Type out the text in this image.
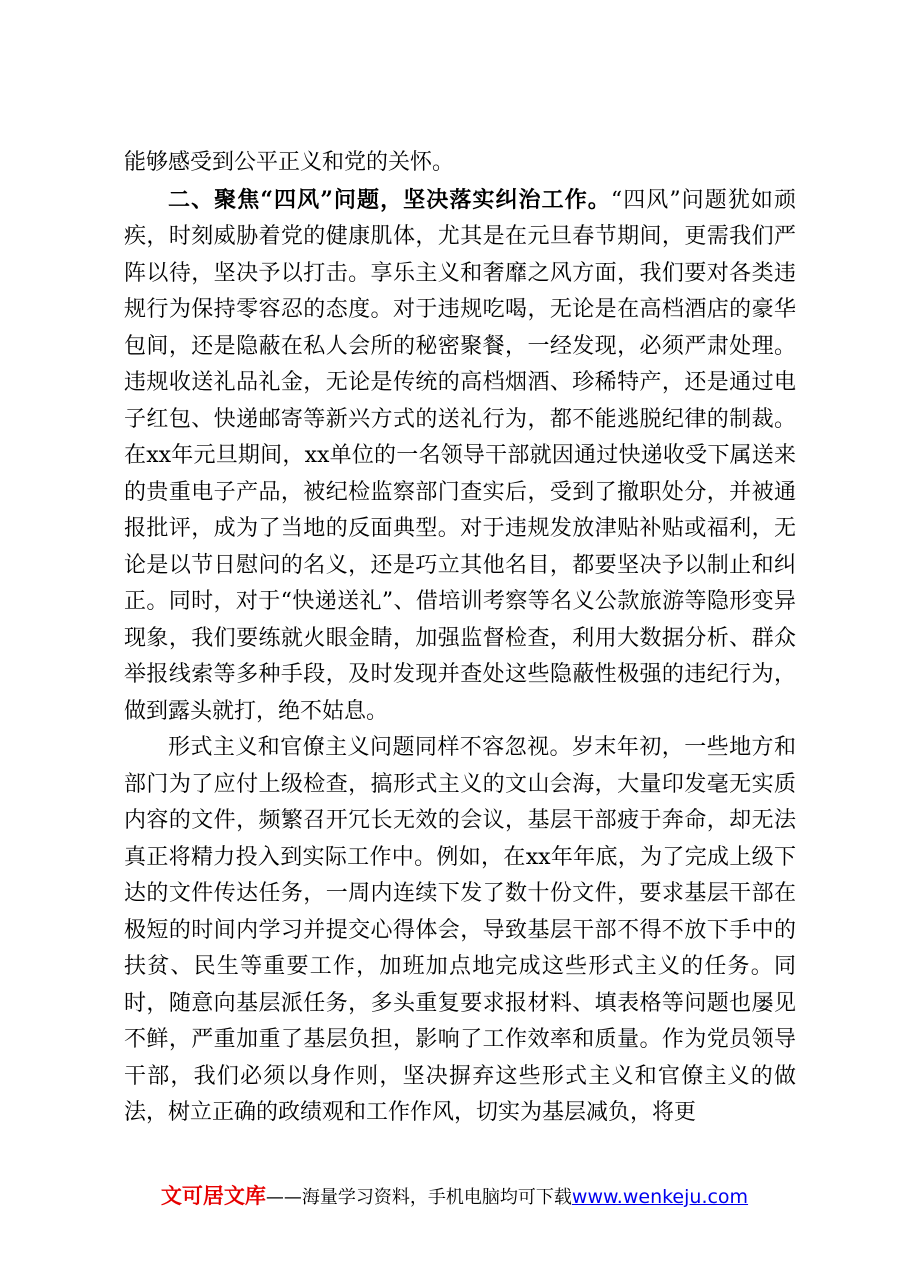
能够感受到公平正义和党的关怀。

二、聚焦“四风”问题，坚决落实纠治工作。“四风”问题犹如顽疾，时刻威胁着党的健康肌体，尤其是在元旦春节期间，更需我们严阵以待，坚决予以打击。享乐主义和奢靡之风方面，我们要对各类违规行为保持零容忍的态度。对于违规吃喝，无论是在高档酒店的豪华包间，还是隐蔽在私人会所的秘密聚餐，一经发现，必须严肃处理。违规收送礼品礼金，无论是传统的高档烟酒、珍稀特产，还是通过电子红包、快递邮寄等新兴方式的送礼行为，都不能逃脱纪律的制裁。在xx年元旦期间，xx单位的一名领导干部就因通过快递收受下属送来的贵重电子产品，被纪检监察部门查实后，受到了撤职处分，并被通报批评，成为了当地的反面典型。对于违规发放津贴补贴或福利，无论是以节日慰问的名义，还是巧立其他名目，都要坚决予以制止和纠正。同时，对于“快递送礼”、借培训考察等名义公款旅游等隐形变异现象，我们要练就火眼金睛，加强监督检查，利用大数据分析、群众举报线索等多种手段，及时发现并查处这些隐蔽性极强的违纪行为，做到露头就打，绝不姑息。

形式主义和官僚主义问题同样不容忽视。岁末年初，一些地方和部门为了应付上级检查，搞形式主义的文山会海，大量印发毫无实质内容的文件，频繁召开冗长无效的会议，基层干部疲于奔命，却无法真正将精力投入到实际工作中。例如，在xx年年底，为了完成上级下达的文件传达任务，一周内连续下发了数十份文件，要求基层干部在极短的时间内学习并提交心得体会，导致基层干部不得不放下手中的扶贫、民生等重要工作，加班加点地完成这些形式主义的任务。同时，随意向基层派任务，多头重复要求报材料、填表格等问题也屡见不鲜，严重加重了基层负担，影响了工作效率和质量。作为党员领导干部，我们必须以身作则，坚决摒弃这些形式主义和官僚主义的做法，树立正确的政绩观和工作作风，切实为基层减负，将更

文可居文库——海量学习资料，手机电脑均可下载www.wenkeju.com
